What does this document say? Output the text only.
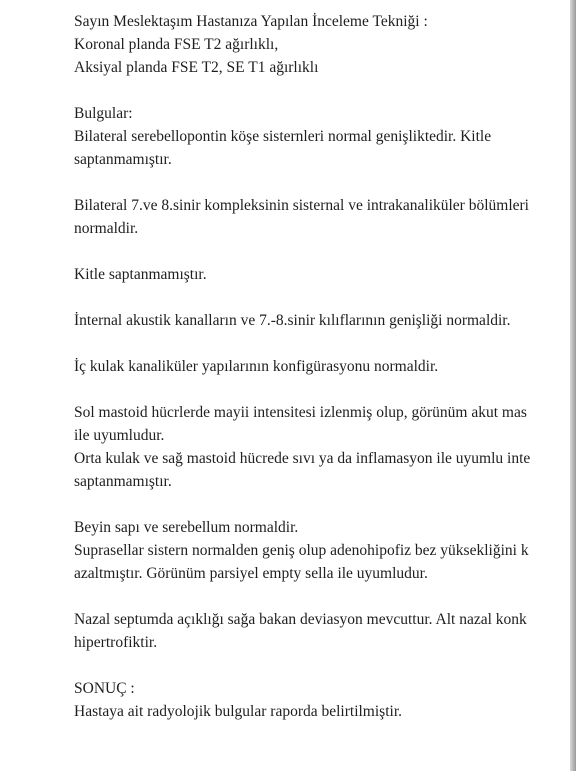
Sayın Meslektaşım Hastanıza Yapılan İnceleme Tekniği :
Koronal planda FSE T2 ağırlıklı,
Aksiyal planda FSE T2, SE T1 ağırlıklı
Bulgular:
Bilateral serebellopontin köşe sisternleri normal genişliktedir. Kitle
saptanmamıştır.
Bilateral 7.ve 8.sinir kompleksinin sisternal ve intrakanaliküler bölümleri
normaldir.
Kitle saptanmamıştır.
İnternal akustik kanalların ve 7.-8.sinir kılıflarının genişliği normaldir.
İç kulak kanaliküler yapılarının konfigürasyonu normaldir.
Sol mastoid hücrlerde mayii intensitesi izlenmiş olup, görünüm akut mas
ile uyumludur.
Orta kulak ve sağ mastoid hücrede sıvı ya da inflamasyon ile uyumlu inte
saptanmamıştır.
Beyin sapı ve serebellum normaldir.
Suprasellar sistern normalden geniş olup adenohipofiz bez yüksekliğini k
azaltmıştır. Görünüm parsiyel empty sella ile uyumludur.
Nazal septumda açıklığı sağa bakan deviasyon mevcuttur. Alt nazal konk
hipertrofiktir.
SONUÇ :
Hastaya ait radyolojik bulgular raporda belirtilmiştir.
